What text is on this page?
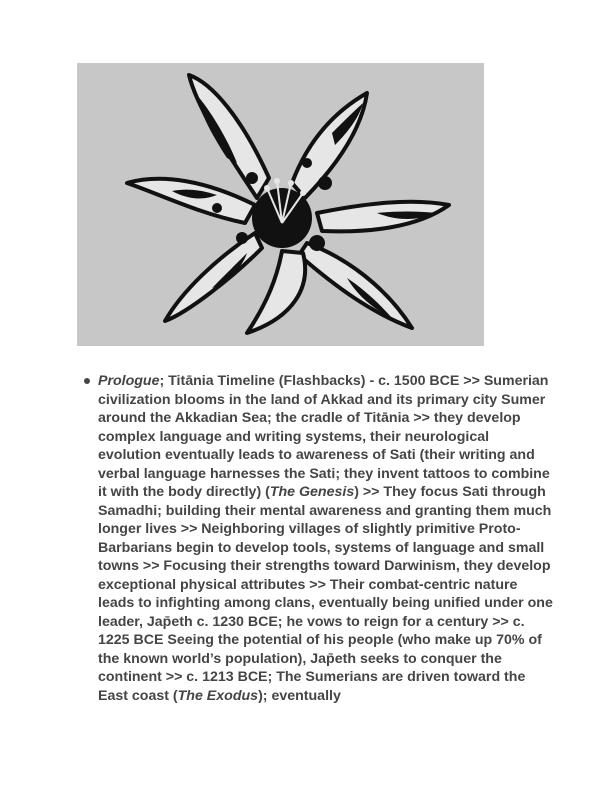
Prologue; Titānia Timeline (Flashbacks) - c. 1500 BCE >> Sumerian civilization blooms in the land of Akkad and its primary city Sumer around the Akkadian Sea; the cradle of Titānia >> they develop complex language and writing systems, their neurological evolution eventually leads to awareness of Sati (their writing and verbal language harnesses the Sati; they invent tattoos to combine it with the body directly) (The Genesis) >> They focus Sati through Samadhi; building their mental awareness and granting them much longer lives >> Neighboring villages of slightly primitive Proto-Barbarians begin to develop tools, systems of language and small towns >> Focusing their strengths toward Darwinism, they develop exceptional physical attributes >> Their combat-centric nature leads to infighting among clans, eventually being unified under one leader, Jap̄eth c. 1230 BCE; he vows to reign for a century >> c. 1225 BCE Seeing the potential of his people (who make up 70% of the known world’s population), Jap̄eth seeks to conquer the continent >> c. 1213 BCE; The Sumerians are driven toward the East coast (The Exodus); eventually
